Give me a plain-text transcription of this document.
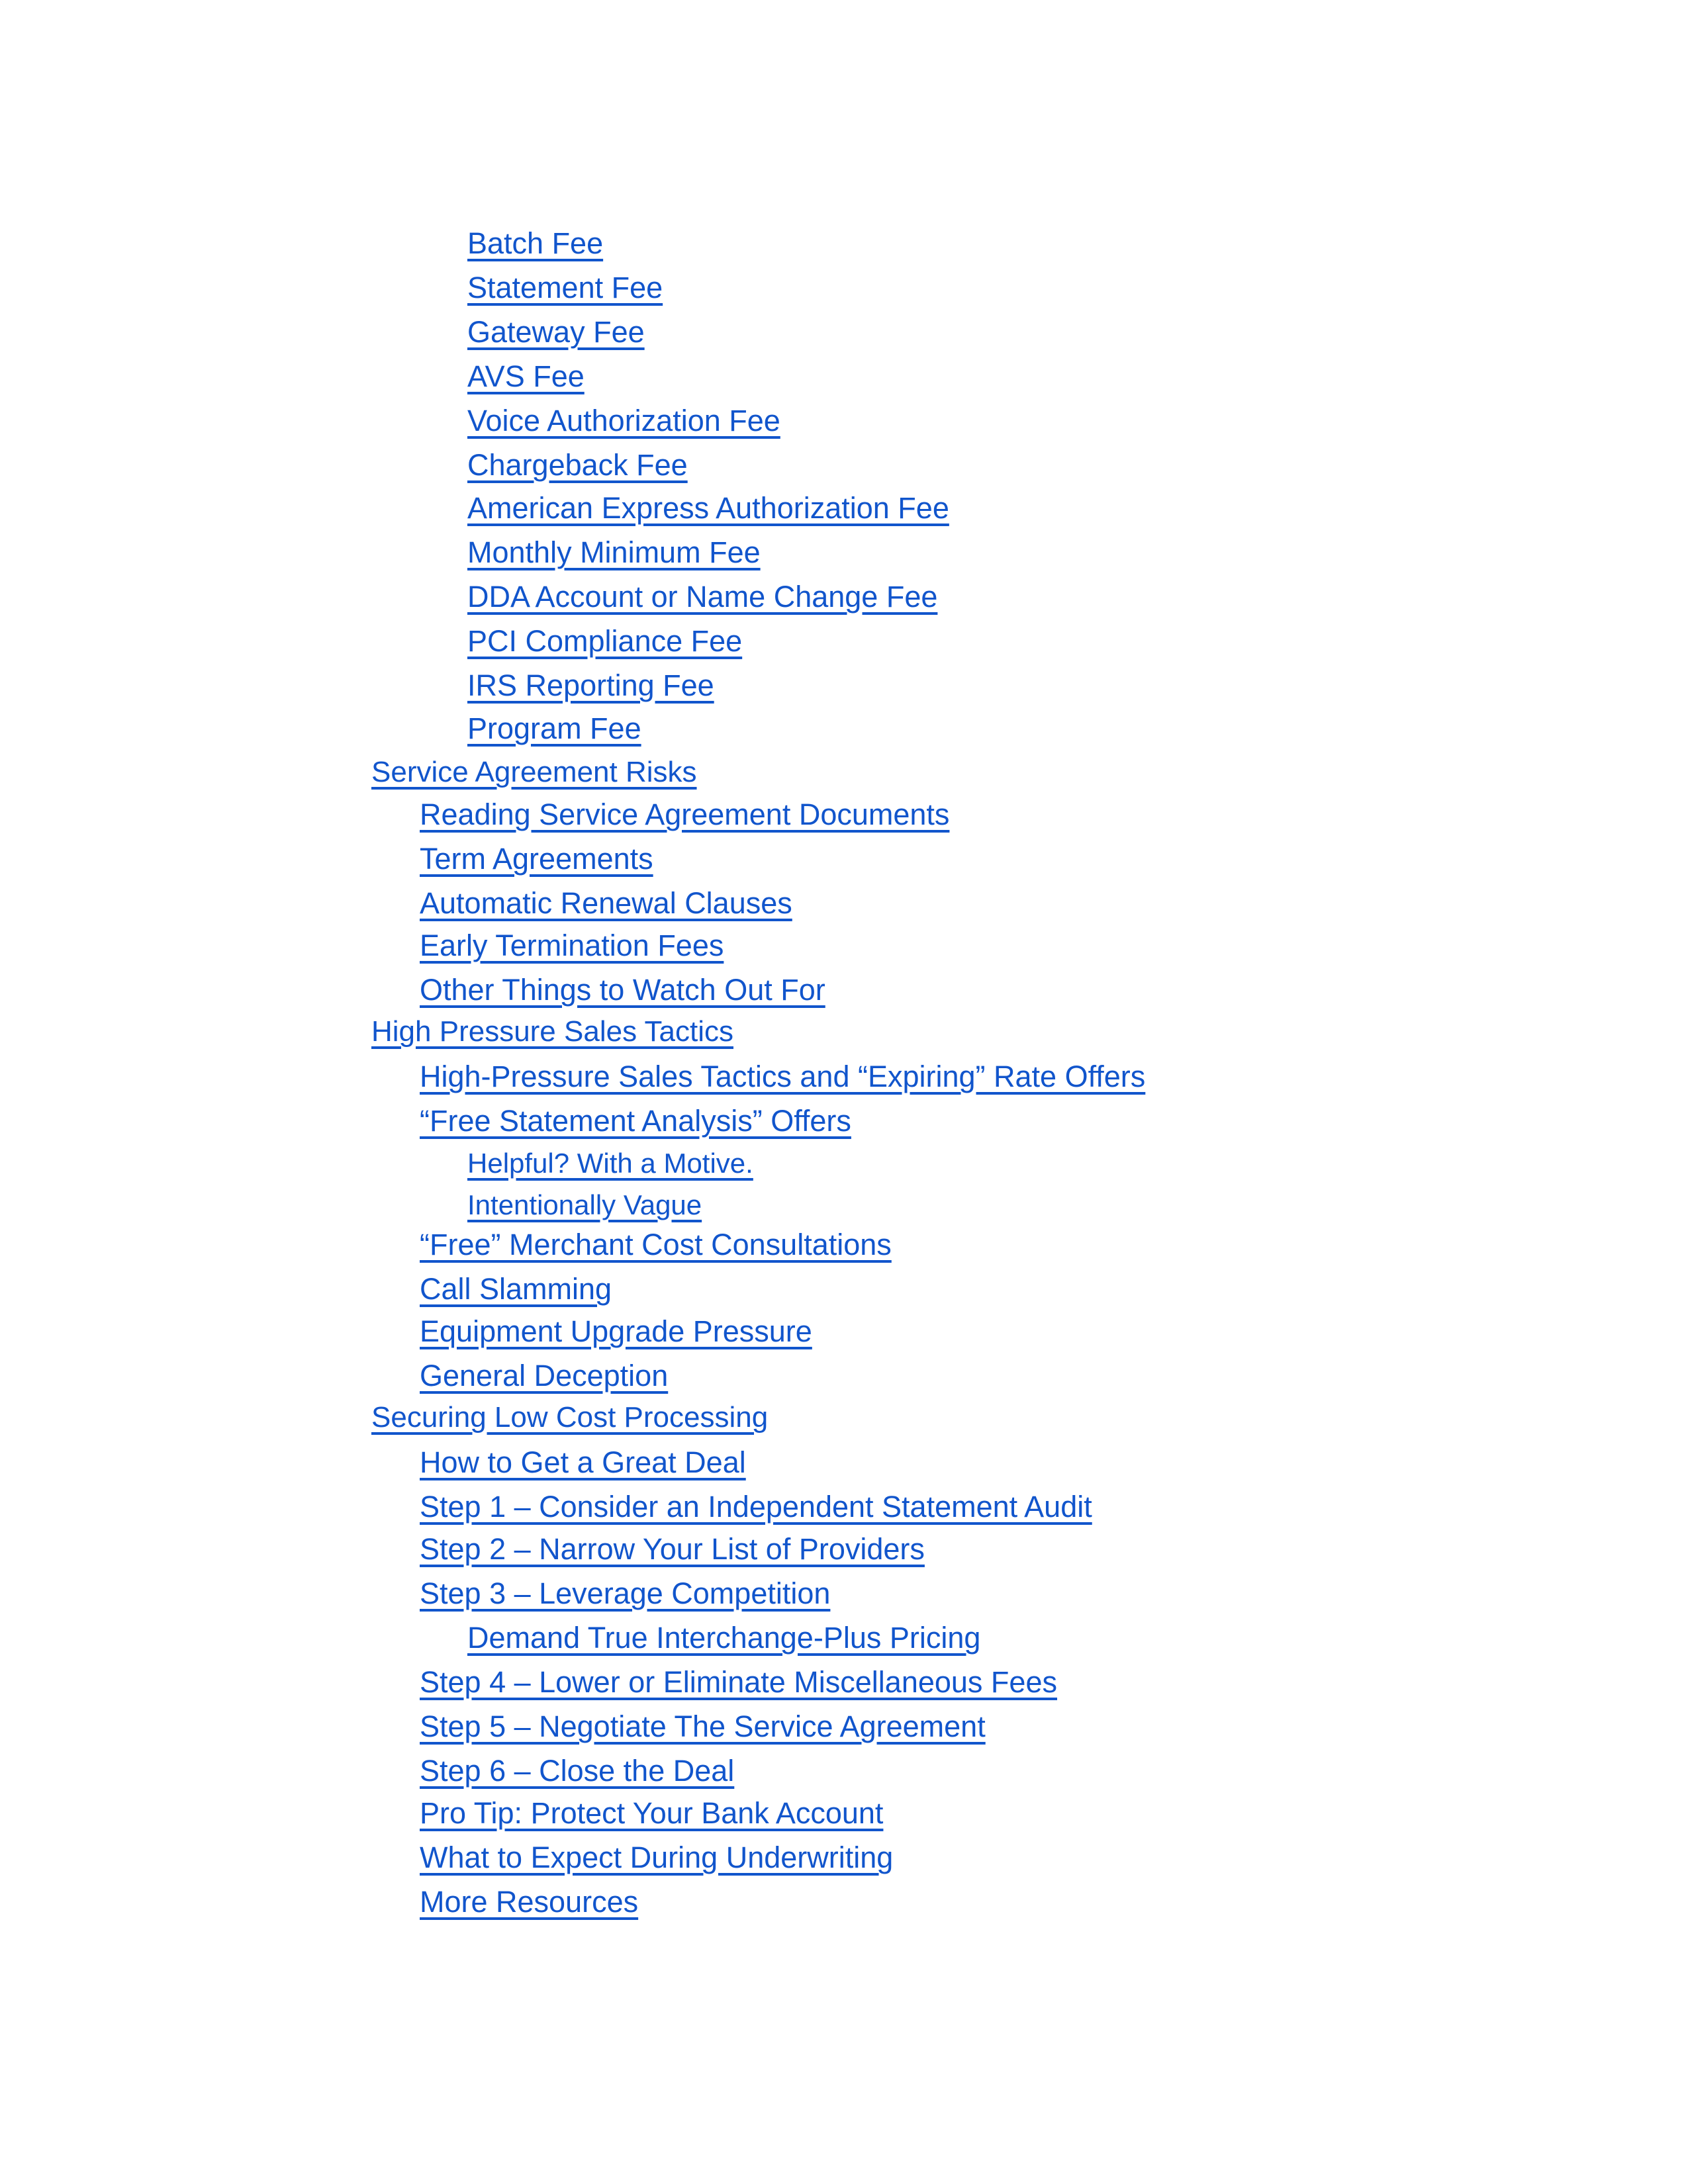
Batch Fee
Statement Fee
Gateway Fee
AVS Fee
Voice Authorization Fee
Chargeback Fee
American Express Authorization Fee
Monthly Minimum Fee
DDA Account or Name Change Fee
PCI Compliance Fee
IRS Reporting Fee
Program Fee
Service Agreement Risks
Reading Service Agreement Documents
Term Agreements
Automatic Renewal Clauses
Early Termination Fees
Other Things to Watch Out For
High Pressure Sales Tactics
High-Pressure Sales Tactics and “Expiring” Rate Offers
“Free Statement Analysis” Offers
Helpful? With a Motive.
Intentionally Vague
“Free” Merchant Cost Consultations
Call Slamming
Equipment Upgrade Pressure
General Deception
Securing Low Cost Processing
How to Get a Great Deal
Step 1 – Consider an Independent Statement Audit
Step 2 – Narrow Your List of Providers
Step 3 – Leverage Competition
Demand True Interchange-Plus Pricing
Step 4 – Lower or Eliminate Miscellaneous Fees
Step 5 – Negotiate The Service Agreement
Step 6 – Close the Deal
Pro Tip: Protect Your Bank Account
What to Expect During Underwriting
More Resources
